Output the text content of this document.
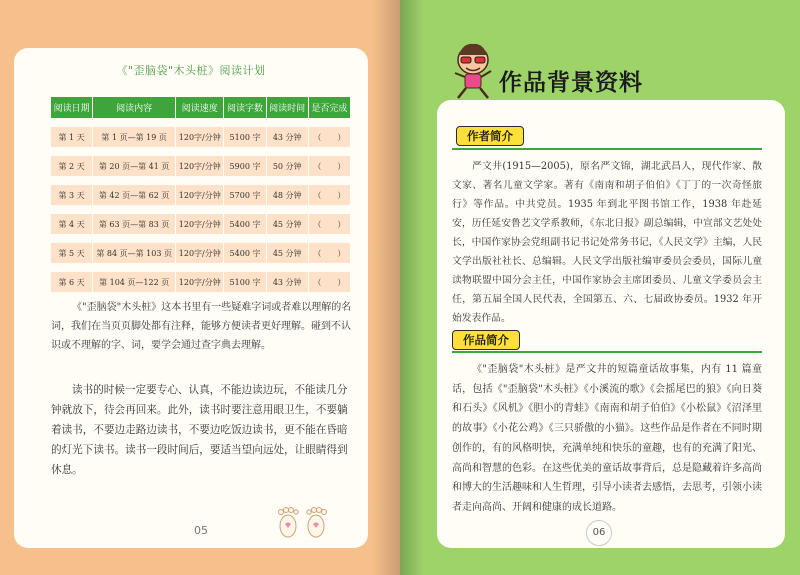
《"歪脑袋"木头桩》阅读计划
阅读日期	阅读内容	阅读速度	阅读字数	阅读时间	是否完成
第 1 天	第 1 页—第 19 页	120字/分钟	5100 字	43 分钟	（　　）
第 2 天	第 20 页—第 41 页	120字/分钟	5900 字	50 分钟	（　　）
第 3 天	第 42 页—第 62 页	120字/分钟	5700 字	48 分钟	（　　）
第 4 天	第 63 页—第 83 页	120字/分钟	5400 字	45 分钟	（　　）
第 5 天	第 84 页—第 103 页	120字/分钟	5400 字	45 分钟	（　　）
第 6 天	第 104 页—122 页	120字/分钟	5100 字	43 分钟	（　　）

《"歪脑袋"木头桩》这本书里有一些疑难字词或者难以理解的名词，我们在当页页脚处都有注释，能够方便读者更好理解。碰到不认识或不理解的字、词，要学会通过查字典去理解。

读书的时候一定要专心、认真，不能边读边玩，不能读几分钟就放下，待会再回来。此外，读书时要注意用眼卫生，不要躺着读书，不要边走路边读书，不要边吃饭边读书，更不能在昏暗的灯光下读书。读书一段时间后，要适当望向远处，让眼睛得到休息。
05
作品背景资料
作者简介
严文井(1915—2005)，原名严文锦，湖北武昌人，现代作家、散文家、著名儿童文学家。著有《南南和胡子伯伯》《丁丁的一次奇怪旅行》等作品。中共党员。1935 年到北平图书馆工作，1938 年赴延安，历任延安鲁艺文学系教师，《东北日报》副总编辑，中宣部文艺处处长，中国作家协会党组副书记书记处常务书记，《人民文学》主编，人民文学出版社社长、总编辑。人民文学出版社编审委员会委员，国际儿童读物联盟中国分会主任，中国作家协会主席团委员、儿童文学委员会主任，第五届全国人民代表，全国第五、六、七届政协委员。1932 年开始发表作品。
作品简介
《"歪脑袋"木头桩》是严文井的短篇童话故事集，内有 11 篇童话，包括《"歪脑袋"木头桩》《小溪流的歌》《会摇尾巴的狼》《向日葵和石头》《风机》《胆小的青蛙》《南南和胡子伯伯》《小松鼠》《沼泽里的故事》《小花公鸡》《三只骄傲的小猫》。这些作品是作者在不同时期创作的，有的风格明快，充满单纯和快乐的童趣，也有的充满了阳光、高尚和智慧的色彩。在这些优美的童话故事背后，总是隐藏着许多高尚和博大的生活趣味和人生哲理，引导小读者去感悟，去思考，引领小读者走向高尚、开阔和健康的成长道路。
06
